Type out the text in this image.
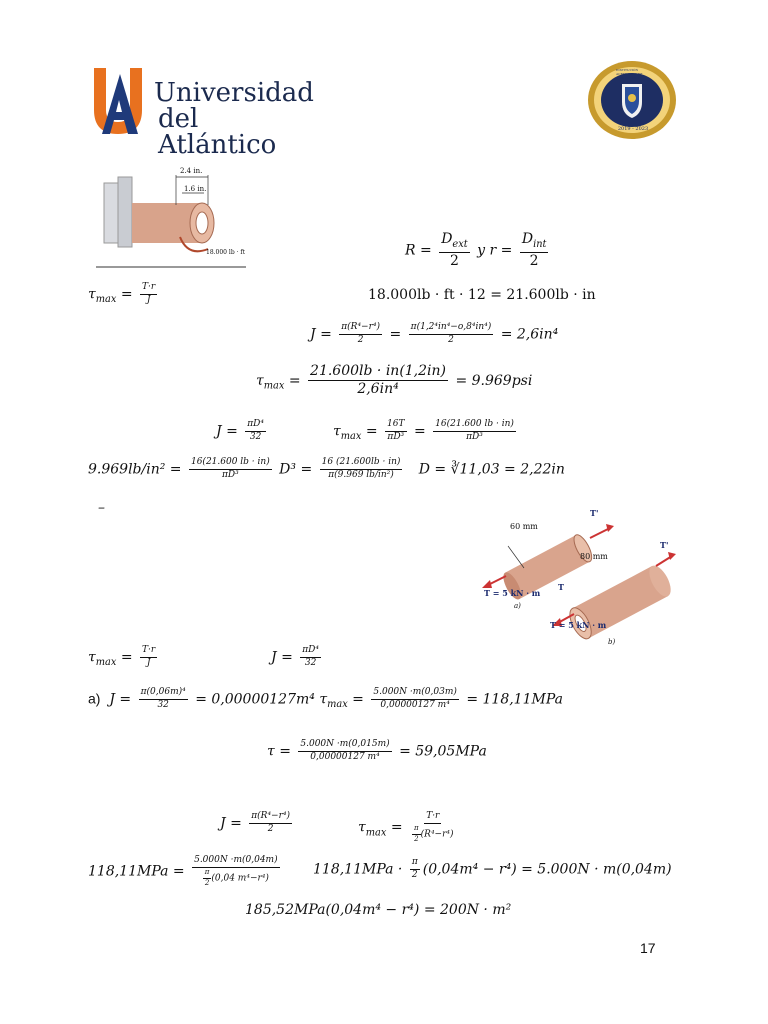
Universidad
del Atlántico
INSTITUCIÓN ACREDITADA DE ALTA CALIDAD
2019 - 2023
2.4 in.
1.6 in.
18.000 lb · ft	$R = \frac{D_{ext}}{2}$ y $r = \frac{D_{int}}{2}$
$\tau_{max} = \frac{T\cdot r}{J}$	18.000lb · ft · 12 = 21.600lb · in
$J = \frac{\text{π(R⁴−r⁴)}}{2} = \frac{\text{π(1,2⁴in⁴−o,8⁴in⁴)}}{2} = 2,6in^4$
$\tau_{max} = \frac{21.600lb \cdot in(1,2in)}{\text{2,6in⁴}} = 9.969psi$
$J = \frac{\text{πD⁴}}{32}$	$\tau_{max} = \frac{16T}{\text{πD³}} = \frac{16(21.600 lb \cdot in)}{\text{πD³}}$
$9.969lb/in^2 = \frac{16(21.600 lb \cdot in)}{\text{πD³}} D^3 = \frac{16 (21.600lb \cdot in)}{\text{π(9.969 lb/in²)}}$ D = ∛11,03 = 2,22in
–
60 mm
80 mm
T'
T'
T
T = 5 kN · m
T = 5 kN · m
a)
b)
$\tau_{max} = \frac{T\cdot r}{J}$	$J = \frac{\text{πD⁴}}{32}$
a) $J = \frac{\text{π(0,06m)⁴}}{32} = 0,00000127m^4$ $\tau_{max} = \frac{5.000N \cdot m(0,03m)}{\text{0,00000127 m⁴}} = 118,11MPa$
$\tau = \frac{5.000N \cdot m(0,015m)}{\text{0,00000127 m⁴}} = 59,05MPa$
$J = \frac{\text{π(R⁴−r⁴)}}{2}$	$\tau_{max} = \frac{T\cdot r}{\frac{\pi}{2} (R^4-r^4)}$
$118,11MPa = \frac{5.000N \cdot m(0,04m)}{\frac{\pi}{2} (0,04 m^4-r^4)} 118,11MPa \cdot \frac{\pi}{2} (0,04m^4 - r^4) = 5.000N \cdot m(0,04m)$
185,52MPa(0,04m⁴ − r⁴) = 200N · m²
17
